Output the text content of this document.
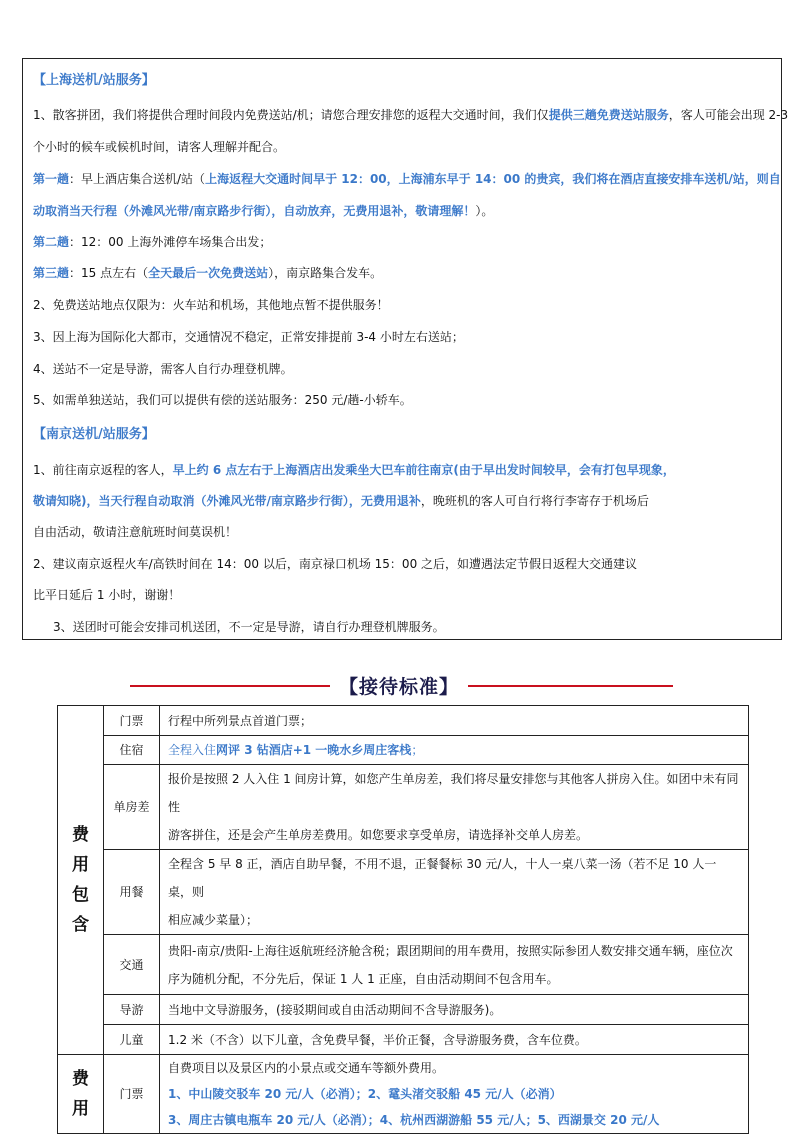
【上海送机/站服务】
1、散客拼团，我们将提供合理时间段内免费送站/机；请您合理安排您的返程大交通时间，我们仅提供三趟免费送站服务，客人可能会出现 2-3
个小时的候车或候机时间，请客人理解并配合。
第一趟：早上酒店集合送机/站（上海返程大交通时间早于 12：00，上海浦东早于 14：00 的贵宾，我们将在酒店直接安排车送机/站，则自
动取消当天行程（外滩风光带/南京路步行街），自动放弃，无费用退补，敬请理解！）。
第二趟：12：00 上海外滩停车场集合出发；
第三趟：15 点左右（全天最后一次免费送站），南京路集合发车。
2、免费送站地点仅限为：火车站和机场，其他地点暂不提供服务！
3、因上海为国际化大都市，交通情况不稳定，正常安排提前 3-4 小时左右送站；
4、送站不一定是导游，需客人自行办理登机牌。
5、如需单独送站，我们可以提供有偿的送站服务：250 元/趟-小轿车。
【南京送机/站服务】
1、前往南京返程的客人，早上约 6 点左右于上海酒店出发乘坐大巴车前往南京(由于早出发时间较早，会有打包早现象，
敬请知晓)，当天行程自动取消（外滩风光带/南京路步行街），无费用退补，晚班机的客人可自行将行李寄存于机场后
自由活动，敬请注意航班时间莫误机！
2、建议南京返程火车/高铁时间在 14：00 以后，南京禄口机场 15：00 之后，如遭遇法定节假日返程大交通建议
比平日延后 1 小时，谢谢！
3、送团时可能会安排司机送团，不一定是导游，请自行办理登机牌服务。
【接待标准】
费用包含	门票	行程中所列景点首道门票；
	住宿	全程入住网评 3 钻酒店+1 一晚水乡周庄客栈；
	单房差	报价是按照 2 人入住 1 间房计算，如您产生单房差，我们将尽量安排您与其他客人拼房入住。如团中未有同性
游客拼住，还是会产生单房差费用。如您要求享受单房，请选择补交单人房差。

	用餐	全程含 5 早 8 正，酒店自助早餐，不用不退，正餐餐标 30 元/人，十人一桌八菜一汤（若不足 10 人一桌，则
相应减少菜量）；

	交通	贵阳-南京/贵阳-上海往返航班经济舱含税；跟团期间的用车费用，按照实际参团人数安排交通车辆，座位次
序为随机分配，不分先后，保证 1 人 1 正座，自由活动期间不包含用车。

	导游	当地中文导游服务，(接驳期间或自由活动期间不含导游服务)。
	儿童	1.2 米（不含）以下儿童，含免费早餐，半价正餐，含导游服务费，含车位费。

费用	门票	自费项目以及景区内的小景点或交通车等额外费用。
1、中山陵交驳车 20 元/人（必消）；2、鼋头渚交驳船 45 元/人（必消）
3、周庄古镇电瓶车 20 元/人（必消）；4、杭州西湖游船 55 元/人；5、西湖景交 20 元/人
